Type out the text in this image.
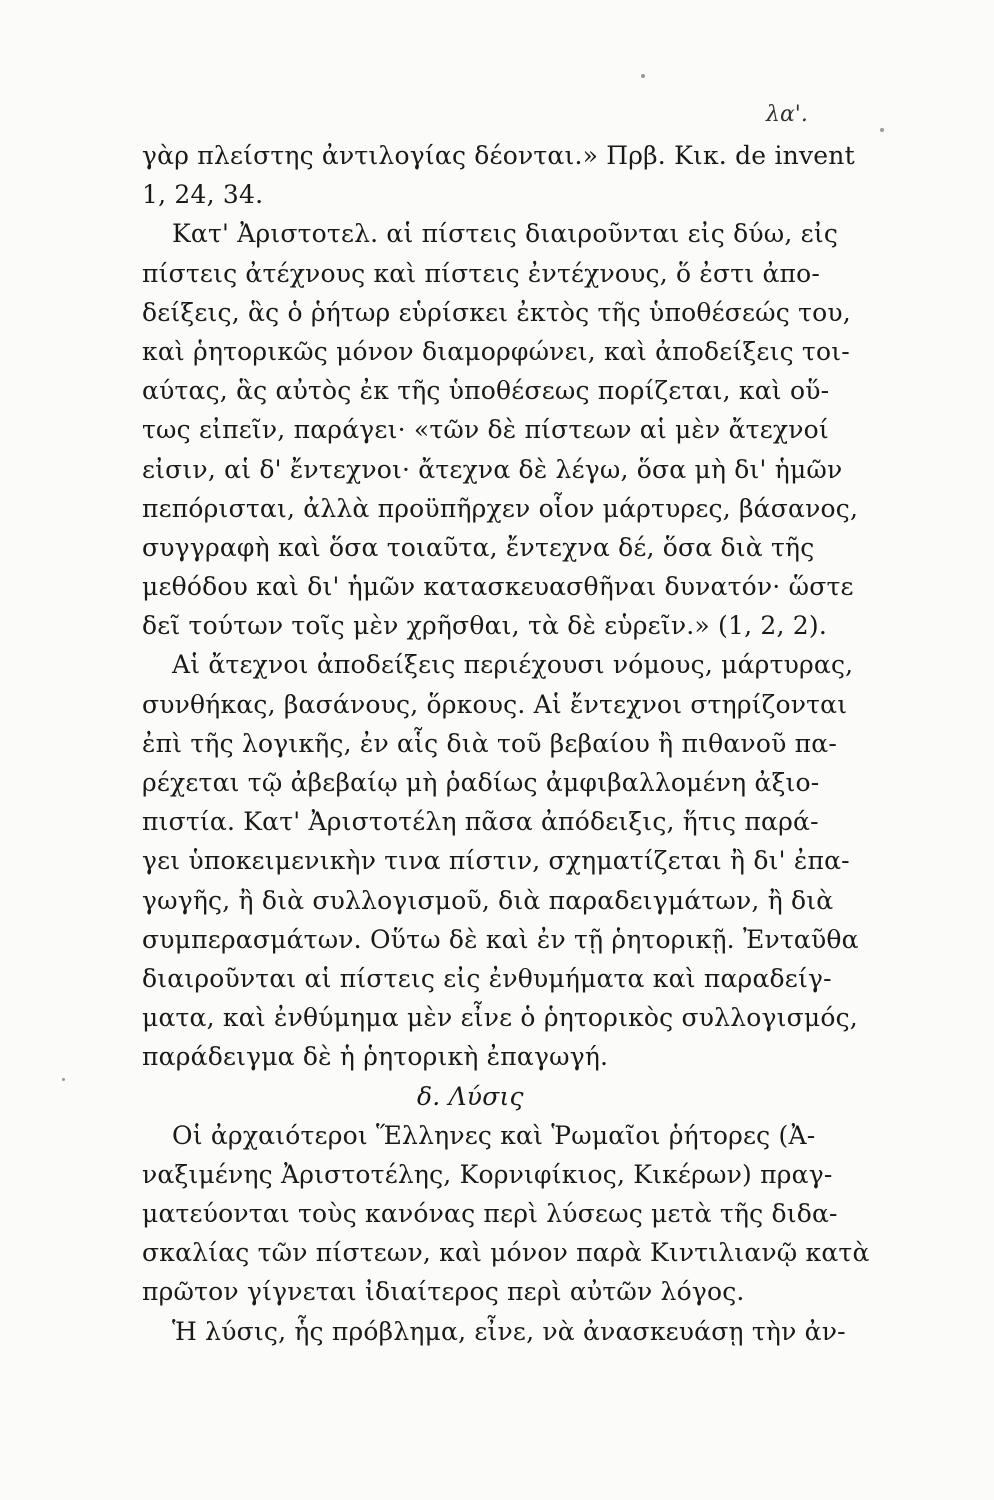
λα'.
γὰρ πλείστης ἀντιλογίας δέονται.» Πρβ. Κικ. de invent
1, 24, 34.
Κατ' Ἀριστοτελ. αἱ πίστεις διαιροῦνται εἰς δύω, εἰς
πίστεις ἀτέχνους καὶ πίστεις ἐντέχνους, ὅ ἐστι ἀπο-
δείξεις, ἃς ὁ ῥήτωρ εὑρίσκει ἐκτὸς τῆς ὑποθέσεώς του,
καὶ ῥητορικῶς μόνον διαμορφώνει, καὶ ἀποδείξεις τοι-
αύτας, ἃς αὐτὸς ἐκ τῆς ὑποθέσεως πορίζεται, καὶ οὕ-
τως εἰπεῖν, παράγει· «τῶν δὲ πίστεων αἱ μὲν ἄτεχνοί
εἰσιν, αἱ δ' ἔντεχνοι· ἄτεχνα δὲ λέγω, ὅσα μὴ δι' ἡμῶν
πεπόρισται, ἀλλὰ προϋπῆρχεν οἷον μάρτυρες, βάσανος,
συγγραφὴ καὶ ὅσα τοιαῦτα, ἔντεχνα δέ, ὅσα διὰ τῆς
μεθόδου καὶ δι' ἡμῶν κατασκευασθῆναι δυνατόν· ὥστε
δεῖ τούτων τοῖς μὲν χρῆσθαι, τὰ δὲ εὑρεῖν.» (1, 2, 2).
Αἱ ἄτεχνοι ἀποδείξεις περιέχουσι νόμους, μάρτυρας,
συνθήκας, βασάνους, ὅρκους. Αἱ ἔντεχνοι στηρίζονται
ἐπὶ τῆς λογικῆς, ἐν αἷς διὰ τοῦ βεβαίου ἢ πιθανοῦ πα-
ρέχεται τῷ ἀβεβαίῳ μὴ ῥαδίως ἀμφιβαλλομένη ἀξιο-
πιστία. Κατ' Ἀριστοτέλη πᾶσα ἀπόδειξις, ἥτις παρά-
γει ὑποκειμενικὴν τινα πίστιν, σχηματίζεται ἢ δι' ἐπα-
γωγῆς, ἢ διὰ συλλογισμοῦ, διὰ παραδειγμάτων, ἢ διὰ
συμπερασμάτων. Οὕτω δὲ καὶ ἐν τῇ ῥητορικῇ. Ἐνταῦθα
διαιροῦνται αἱ πίστεις εἰς ἐνθυμήματα καὶ παραδείγ-
ματα, καὶ ἐνθύμημα μὲν εἶνε ὁ ῥητορικὸς συλλογισμός,
παράδειγμα δὲ ἡ ῥητορικὴ ἐπαγωγή.
δ. Λύσις
Οἱ ἀρχαιότεροι Ἕλληνες καὶ Ῥωμαῖοι ῥήτορες (Ἀ-
ναξιμένης Ἀριστοτέλης, Κορνιφίκιος, Κικέρων) πραγ-
ματεύονται τοὺς κανόνας περὶ λύσεως μετὰ τῆς διδα-
σκαλίας τῶν πίστεων, καὶ μόνον παρὰ Κιντιλιανῷ κατὰ
πρῶτον γίγνεται ἰδιαίτερος περὶ αὐτῶν λόγος.
Ἡ λύσις, ἧς πρόβλημα, εἶνε, νὰ ἀνασκευάσῃ τὴν ἀν-
